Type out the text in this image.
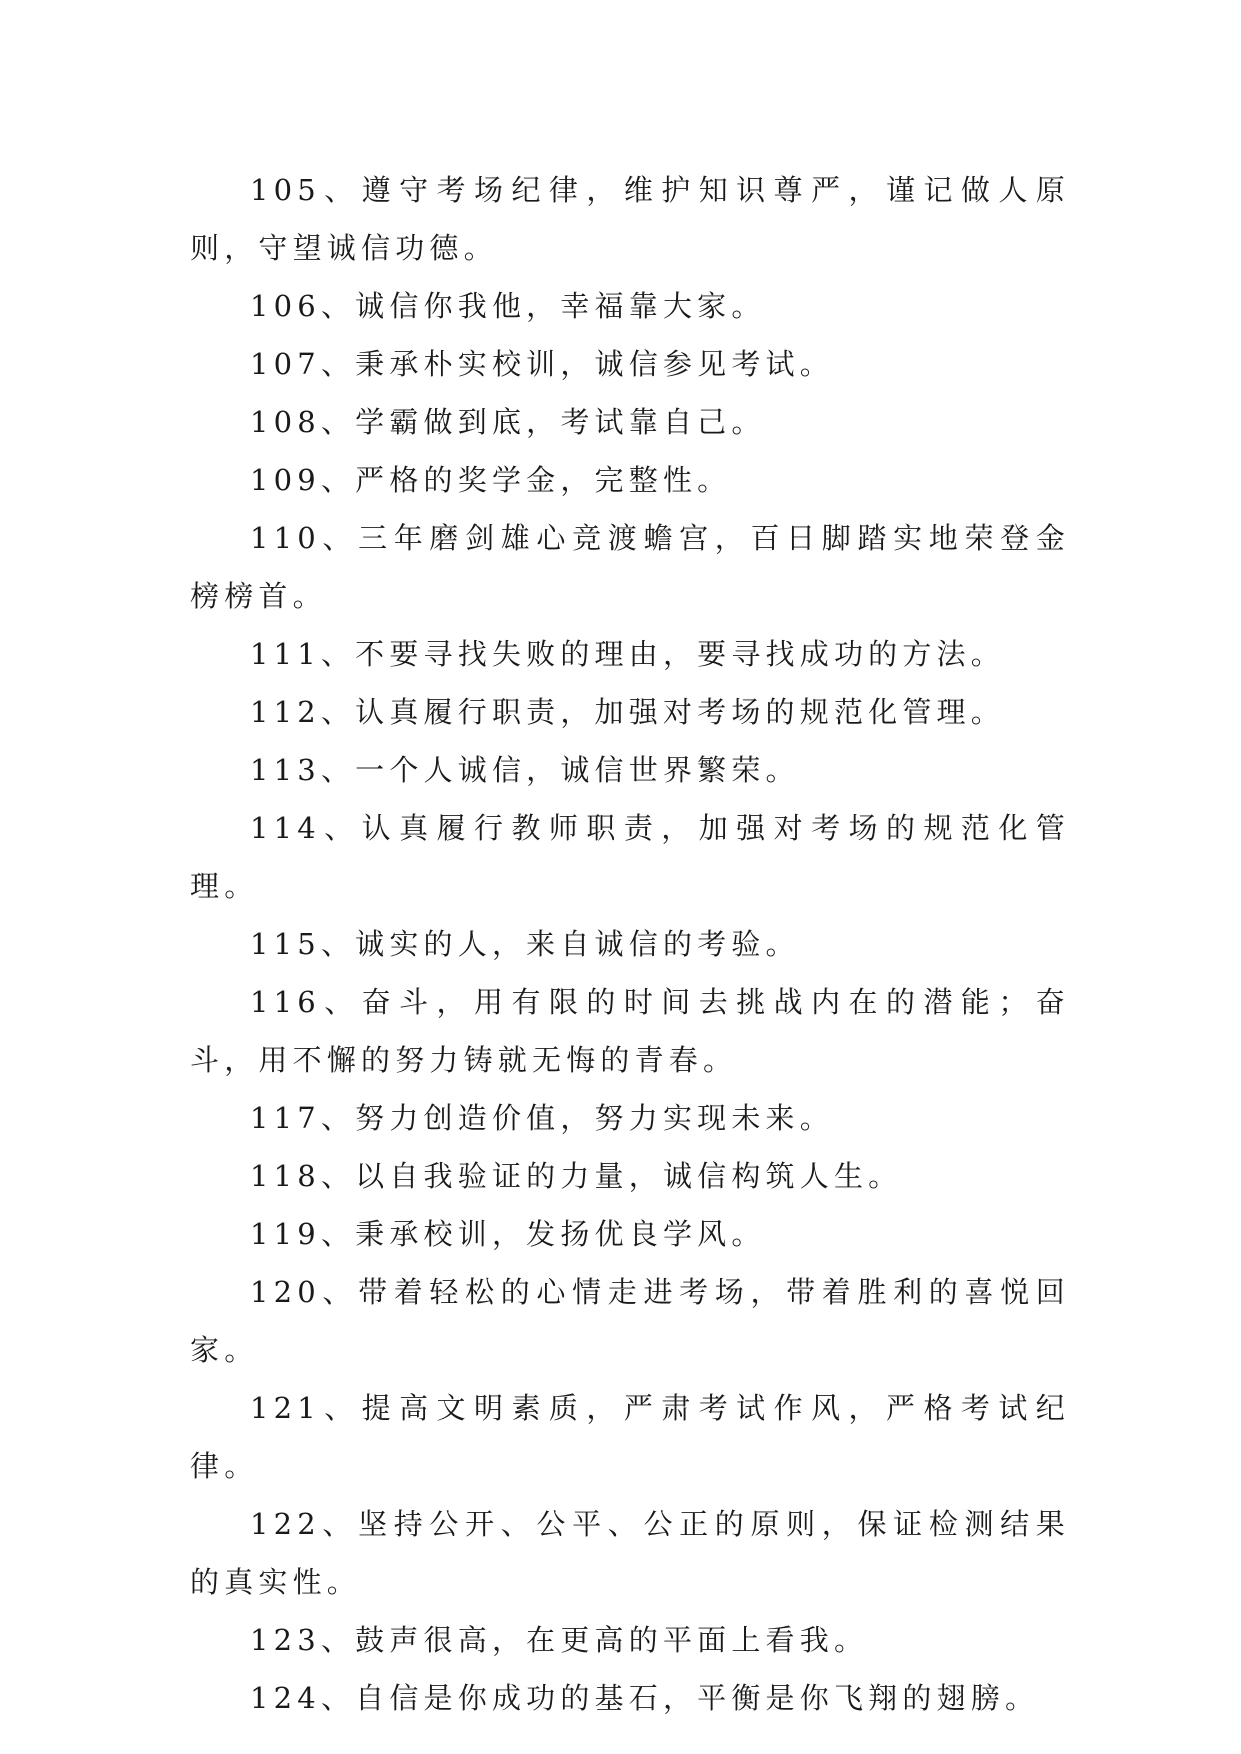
105、遵守考场纪律，维护知识尊严，谨记做人原则，守望诚信功德。

106、诚信你我他，幸福靠大家。

107、秉承朴实校训，诚信参见考试。

108、学霸做到底，考试靠自己。

109、严格的奖学金，完整性。

110、三年磨剑雄心竞渡蟾宫，百日脚踏实地荣登金榜榜首。

111、不要寻找失败的理由，要寻找成功的方法。

112、认真履行职责，加强对考场的规范化管理。

113、一个人诚信，诚信世界繁荣。

114、认真履行教师职责，加强对考场的规范化管理。

115、诚实的人，来自诚信的考验。

116、奋斗，用有限的时间去挑战内在的潜能；奋斗，用不懈的努力铸就无悔的青春。

117、努力创造价值，努力实现未来。

118、以自我验证的力量，诚信构筑人生。

119、秉承校训，发扬优良学风。

120、带着轻松的心情走进考场，带着胜利的喜悦回家。

121、提高文明素质，严肃考试作风，严格考试纪律。

122、坚持公开、公平、公正的原则，保证检测结果的真实性。

123、鼓声很高，在更高的平面上看我。

124、自信是你成功的基石，平衡是你飞翔的翅膀。
